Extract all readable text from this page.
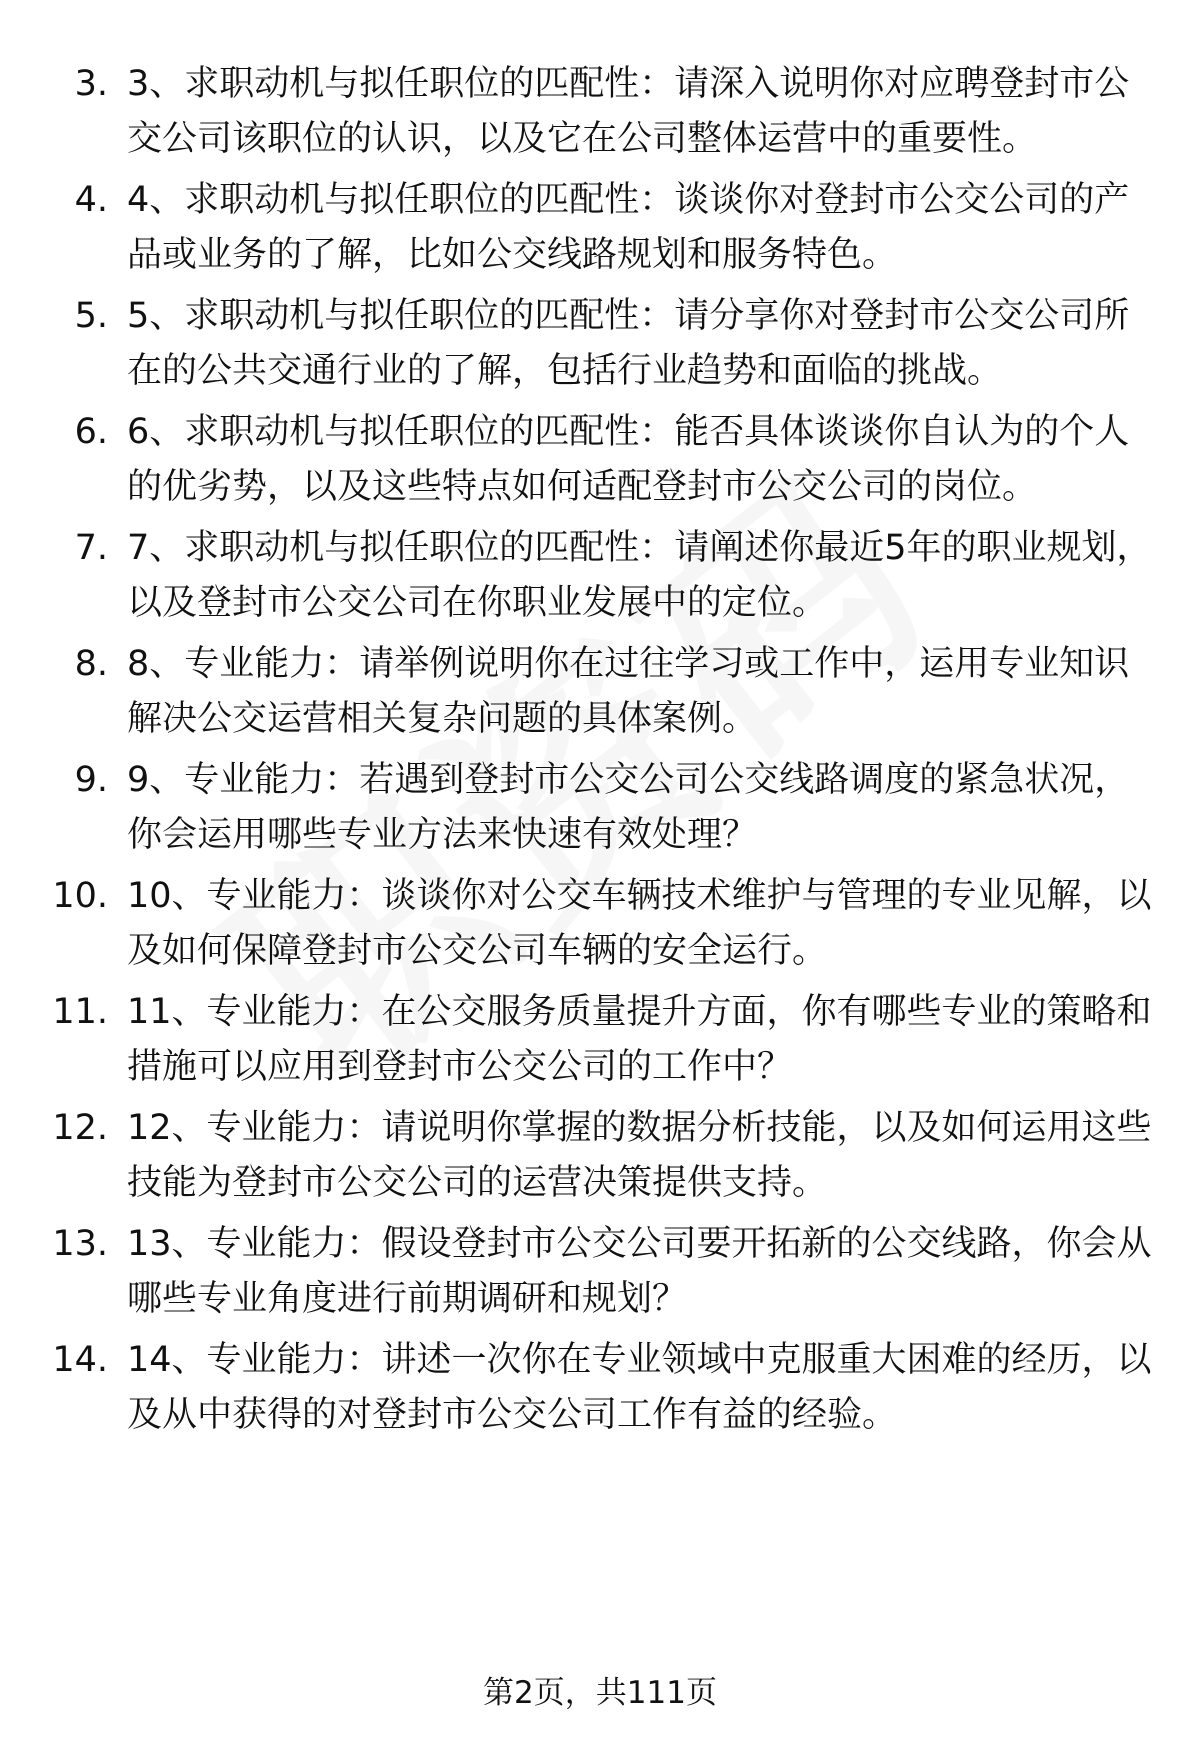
3. 3、求职动机与拟任职位的匹配性：请深入说明你对应聘登封市公交公司该职位的认识，以及它在公司整体运营中的重要性。
4. 4、求职动机与拟任职位的匹配性：谈谈你对登封市公交公司的产品或业务的了解，比如公交线路规划和服务特色。
5. 5、求职动机与拟任职位的匹配性：请分享你对登封市公交公司所在的公共交通行业的了解，包括行业趋势和面临的挑战。
6. 6、求职动机与拟任职位的匹配性：能否具体谈谈你自认为的个人的优劣势，以及这些特点如何适配登封市公交公司的岗位。
7. 7、求职动机与拟任职位的匹配性：请阐述你最近5年的职业规划，以及登封市公交公司在你职业发展中的定位。
8. 8、专业能力：请举例说明你在过往学习或工作中，运用专业知识解决公交运营相关复杂问题的具体案例。
9. 9、专业能力：若遇到登封市公交公司公交线路调度的紧急状况，你会运用哪些专业方法来快速有效处理？
10. 10、专业能力：谈谈你对公交车辆技术维护与管理的专业见解，以及如何保障登封市公交公司车辆的安全运行。
11. 11、专业能力：在公交服务质量提升方面，你有哪些专业的策略和措施可以应用到登封市公交公司的工作中？
12. 12、专业能力：请说明你掌握的数据分析技能，以及如何运用这些技能为登封市公交公司的运营决策提供支持。
13. 13、专业能力：假设登封市公交公司要开拓新的公交线路，你会从哪些专业角度进行前期调研和规划？
14. 14、专业能力：讲述一次你在专业领域中克服重大困难的经历，以及从中获得的对登封市公交公司工作有益的经验。
第2页，共111页
